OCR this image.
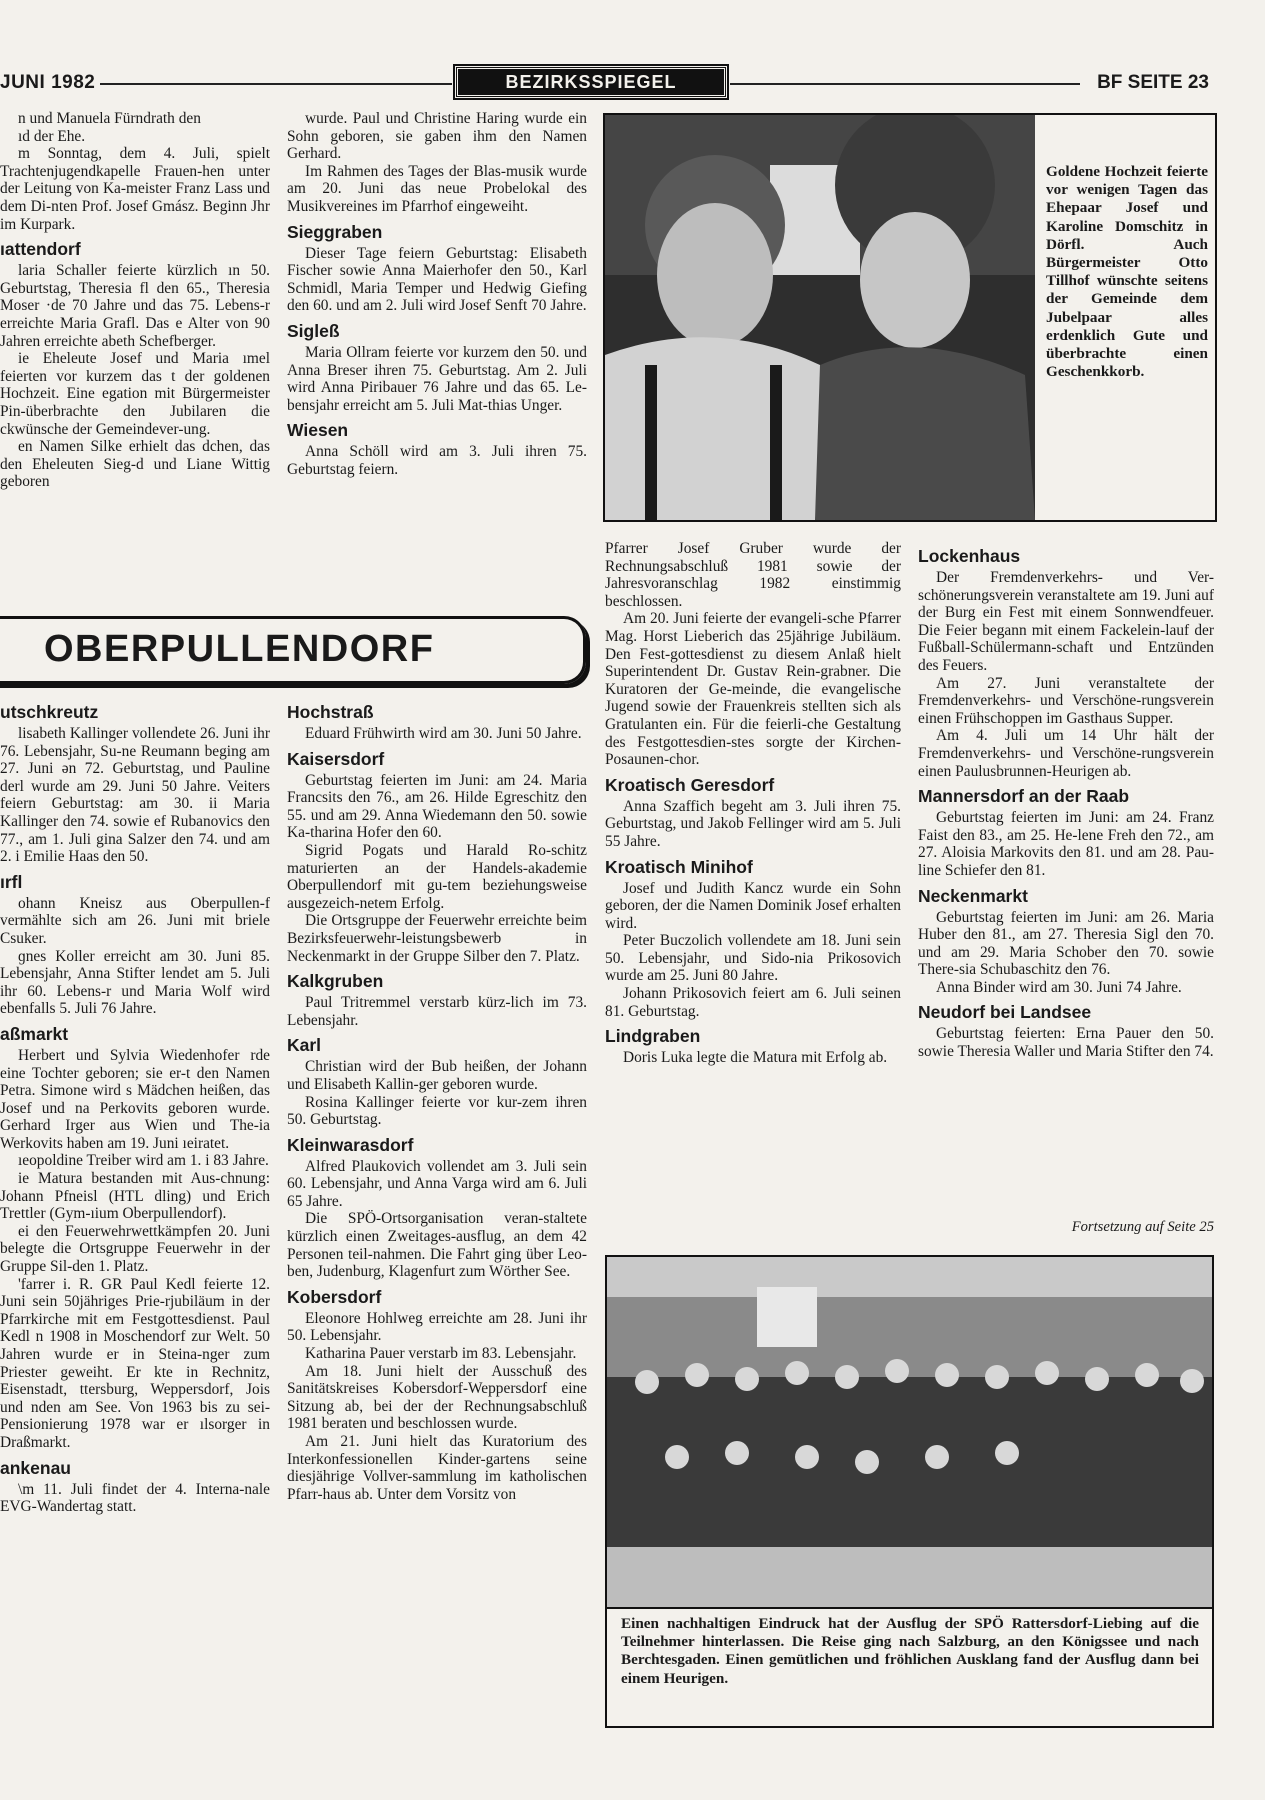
JUNI 1982	BEZIRKSSPIEGEL	BF SEITE 23

n und Manuela Fürndrath den

ıd der Ehe.

m Sonntag, dem 4. Juli, spielt Trachtenjugendkapelle Frauen-hen unter der Leitung von Ka-meister Franz Lass und dem Di-nten Prof. Josef Gmász. Beginn Jhr im Kurpark.

ıattendorf

laria Schaller feierte kürzlich ın 50. Geburtstag, Theresia fl den 65., Theresia Moser ·de 70 Jahre und das 75. Lebens-r erreichte Maria Grafl. Das e Alter von 90 Jahren erreichte abeth Schefberger.

ie Eheleute Josef und Maria ımel feierten vor kurzem das t der goldenen Hochzeit. Eine egation mit Bürgermeister Pin-überbrachte den Jubilaren die ckwünsche der Gemeindever-ung.

en Namen Silke erhielt das dchen, das den Eheleuten Sieg-d und Liane Wittig geboren

wurde. Paul und Christine Haring wurde ein Sohn geboren, sie gaben ihm den Namen Gerhard.

Im Rahmen des Tages der Blas-musik wurde am 20. Juni das neue Probelokal des Musikvereines im Pfarrhof eingeweiht.

Sieggraben

Dieser Tage feiern Geburtstag: Elisabeth Fischer sowie Anna Maierhofer den 50., Karl Schmidl, Maria Temper und Hedwig Giefing den 60. und am 2. Juli wird Josef Senft 70 Jahre.

Sigleß

Maria Ollram feierte vor kurzem den 50. und Anna Breser ihren 75. Geburtstag. Am 2. Juli wird Anna Piribauer 76 Jahre und das 65. Le-bensjahr erreicht am 5. Juli Mat-thias Unger.

Wiesen

Anna Schöll wird am 3. Juli ihren 75. Geburtstag feiern.

Goldene Hochzeit feierte vor wenigen Tagen das Ehepaar Josef und Karoline Domschitz in Dörfl. Auch Bürgermeister Otto Tillhof wünschte seitens der Gemeinde dem Jubelpaar alles erdenklich Gute und überbrachte einen Geschenkkorb.
OBERPULLENDORF
utschkreutz

lisabeth Kallinger vollendete 26. Juni ihr 76. Lebensjahr, Su-ne Reumann beging am 27. Juni ən 72. Geburtstag, und Pauline derl wurde am 29. Juni 50 Jahre. Veiters feiern Geburtstag: am 30. ii Maria Kallinger den 74. sowie ef Rubanovics den 77., am 1. Juli gina Salzer den 74. und am 2. i Emilie Haas den 50.

ırfl

ohann Kneisz aus Oberpullen-f vermählte sich am 26. Juni mit briele Csuker.

ɡnes Koller erreicht am 30. Juni 85. Lebensjahr, Anna Stifter lendet am 5. Juli ihr 60. Lebens-r und Maria Wolf wird ebenfalls 5. Juli 76 Jahre.

aßmarkt

Herbert und Sylvia Wiedenhofer rde eine Tochter geboren; sie er-t den Namen Petra. Simone wird s Mädchen heißen, das Josef und na Perkovits geboren wurde. Gerhard Irger aus Wien und The-ia Werkovits haben am 19. Juni ıeiratet.

ıeopoldine Treiber wird am 1. i 83 Jahre.

ie Matura bestanden mit Aus-chnung: Johann Pfneisl (HTL dling) und Erich Trettler (Gym-ıium Oberpullendorf).

ei den Feuerwehrwettkämpfen 20. Juni belegte die Ortsgruppe Feuerwehr in der Gruppe Sil-den 1. Platz.

'farrer i. R. GR Paul Kedl feierte 12. Juni sein 50jähriges Prie-rjubiläum in der Pfarrkirche mit em Festgottesdienst. Paul Kedl n 1908 in Moschendorf zur Welt. 50 Jahren wurde er in Steina-nger zum Priester geweiht. Er kte in Rechnitz, Eisenstadt, ttersburg, Weppersdorf, Jois und nden am See. Von 1963 bis zu sei-Pensionierung 1978 war er ılsorger in Draßmarkt.

ankenau

\m 11. Juli findet der 4. Interna-nale EVG-Wandertag statt.

Hochstraß

Eduard Frühwirth wird am 30. Juni 50 Jahre.

Kaisersdorf

Geburtstag feierten im Juni: am 24. Maria Francsits den 76., am 26. Hilde Egreschitz den 55. und am 29. Anna Wiedemann den 50. sowie Ka-tharina Hofer den 60.

Sigrid Pogats und Harald Ro-schitz maturierten an der Handels-akademie Oberpullendorf mit gu-tem beziehungsweise ausgezeich-netem Erfolg.

Die Ortsgruppe der Feuerwehr erreichte beim Bezirksfeuerwehr-leistungsbewerb in Neckenmarkt in der Gruppe Silber den 7. Platz.

Kalkgruben

Paul Tritremmel verstarb kürz-lich im 73. Lebensjahr.

Karl

Christian wird der Bub heißen, der Johann und Elisabeth Kallin-ger geboren wurde.

Rosina Kallinger feierte vor kur-zem ihren 50. Geburtstag.

Kleinwarasdorf

Alfred Plaukovich vollendet am 3. Juli sein 60. Lebensjahr, und Anna Varga wird am 6. Juli 65 Jahre.

Die SPÖ-Ortsorganisation veran-staltete kürzlich einen Zweitages-ausflug, an dem 42 Personen teil-nahmen. Die Fahrt ging über Leo-ben, Judenburg, Klagenfurt zum Wörther See.

Kobersdorf

Eleonore Hohlweg erreichte am 28. Juni ihr 50. Lebensjahr.

Katharina Pauer verstarb im 83. Lebensjahr.

Am 18. Juni hielt der Ausschuß des Sanitätskreises Kobersdorf-Weppersdorf eine Sitzung ab, bei der der Rechnungsabschluß 1981 beraten und beschlossen wurde.

Am 21. Juni hielt das Kuratorium des Interkonfessionellen Kinder-gartens seine diesjährige Vollver-sammlung im katholischen Pfarr-haus ab. Unter dem Vorsitz von

Pfarrer Josef Gruber wurde der Rechnungsabschluß 1981 sowie der Jahresvoranschlag 1982 einstimmig beschlossen.

Am 20. Juni feierte der evangeli-sche Pfarrer Mag. Horst Lieberich das 25jährige Jubiläum. Den Fest-gottesdienst zu diesem Anlaß hielt Superintendent Dr. Gustav Rein-grabner. Die Kuratoren der Ge-meinde, die evangelische Jugend sowie der Frauenkreis stellten sich als Gratulanten ein. Für die feierli-che Gestaltung des Festgottesdien-stes sorgte der Kirchen-Posaunen-chor.

Kroatisch Geresdorf

Anna Szaffich begeht am 3. Juli ihren 75. Geburtstag, und Jakob Fellinger wird am 5. Juli 55 Jahre.

Kroatisch Minihof

Josef und Judith Kancz wurde ein Sohn geboren, der die Namen Dominik Josef erhalten wird.

Peter Buczolich vollendete am 18. Juni sein 50. Lebensjahr, und Sido-nia Prikosovich wurde am 25. Juni 80 Jahre.

Johann Prikosovich feiert am 6. Juli seinen 81. Geburtstag.

Lindgraben

Doris Luka legte die Matura mit Erfolg ab.

Lockenhaus

Der Fremdenverkehrs- und Ver-schönerungsverein veranstaltete am 19. Juni auf der Burg ein Fest mit einem Sonnwendfeuer. Die Feier begann mit einem Fackelein-lauf der Fußball-Schülermann-schaft und Entzünden des Feuers.

Am 27. Juni veranstaltete der Fremdenverkehrs- und Verschöne-rungsverein einen Frühschoppen im Gasthaus Supper.

Am 4. Juli um 14 Uhr hält der Fremdenverkehrs- und Verschöne-rungsverein einen Paulusbrunnen-Heurigen ab.

Mannersdorf an der Raab

Geburtstag feierten im Juni: am 24. Franz Faist den 83., am 25. He-lene Freh den 72., am 27. Aloisia Markovits den 81. und am 28. Pau-line Schiefer den 81.

Neckenmarkt

Geburtstag feierten im Juni: am 26. Maria Huber den 81., am 27. Theresia Sigl den 70. und am 29. Maria Schober den 70. sowie There-sia Schubaschitz den 76.

Anna Binder wird am 30. Juni 74 Jahre.

Neudorf bei Landsee

Geburtstag feierten: Erna Pauer den 50. sowie Theresia Waller und Maria Stifter den 74.

Fortsetzung auf Seite 25
Einen nachhaltigen Eindruck hat der Ausflug der SPÖ Rattersdorf-Liebing auf die Teilnehmer hinterlassen. Die Reise ging nach Salzburg, an den Königssee und nach Berchtesgaden. Einen gemütlichen und fröhlichen Ausklang fand der Ausflug dann bei einem Heurigen.
